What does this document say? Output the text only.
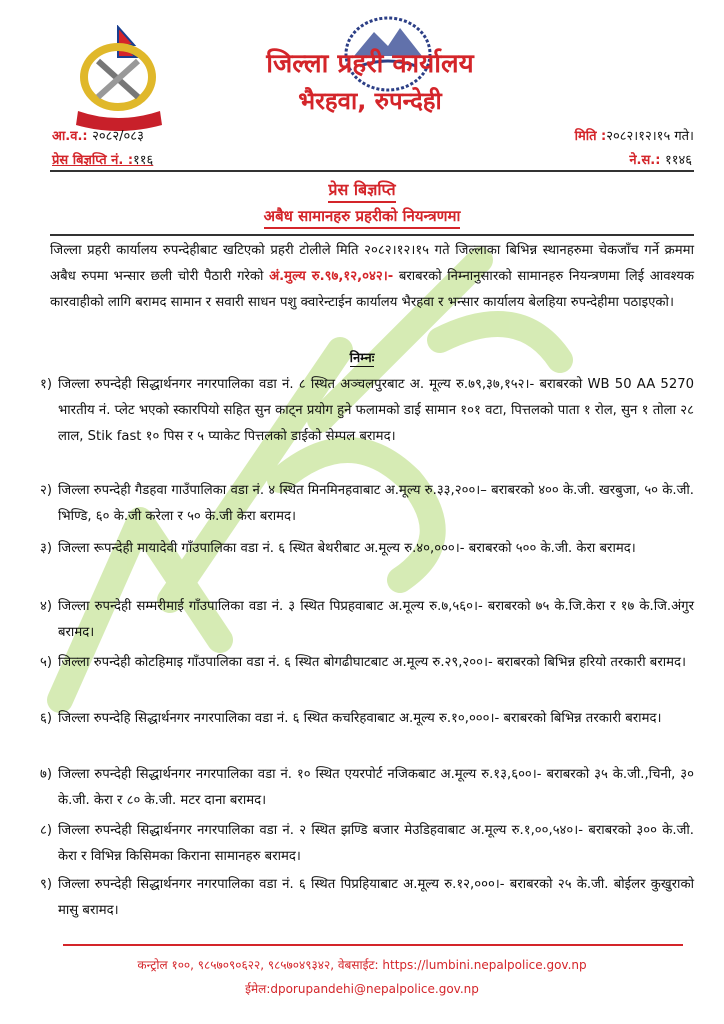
जिल्ला प्रहरी कार्यालय
भैरहवा, रुपन्देही
आ.व.: २०८२/०८३
प्रेस बिज्ञप्ति नं. :११६
मिति :२०८२।१२।१५ गते।
ने.स.: ११४६
प्रेस बिज्ञप्ति
अबैध सामानहरु प्रहरीको नियन्त्रणमा
जिल्ला प्रहरी कार्यालय रुपन्देहीबाट खटिएको प्रहरी टोलीले मिति २०८२।१२।१५ गते जिल्लाका बिभिन्न स्थानहरुमा चेकजाँच गर्ने क्रममा अबैध रुपमा भन्सार छली चोरी पैठारी गरेको अं.मुल्य रु.९७,१२,०४२।- बराबरको निम्नानुसारको सामानहरु नियन्त्रणमा लिई आवश्यक कारवाहीको लागि बरामद सामान र सवारी साधन पशु क्वारेन्टाईन कार्यालय भैरहवा र भन्सार कार्यालय बेलहिया रुपन्देहीमा पठाइएको।
निम्नः
१) जिल्ला रुपन्देही सिद्धार्थनगर नगरपालिका वडा नं. ८ स्थित अञ्चलपुरबाट अ. मूल्य रु.७९,३७,१५२।- बराबरको WB 50 AA 5270 भारतीय नं. प्लेट भएको स्कारपियो सहित सुन काट्न प्रयोग हुने फलामको डाई सामान १०१ वटा, पित्तलको पाता १ रोल, सुन १ तोला २८ लाल, Stik fast १० पिस र ५ प्याकेट पित्तलको डाईको सेम्पल बरामद।
२) जिल्ला रुपन्देही गैडहवा गाउँपालिका वडा नं. ४ स्थित मिनमिनहवाबाट अ.मूल्य रु.३३,२००।– बराबरको ४०० के.जी. खरबुजा, ५० के.जी. भिण्डि, ६० के.जी करेला र ५० के.जी केरा बरामद।
३) जिल्ला रूपन्देही मायादेवी गाँउपालिका वडा नं. ६ स्थित बेथरीबाट अ.मूल्य रु.४०,०००।- बराबरको ५०० के.जी. केरा बरामद।
४) जिल्ला रुपन्देही सम्मरीमाई गाँउपालिका वडा नं. ३ स्थित पिप्रहवाबाट अ.मूल्य रु.७,५६०।- बराबरको ७५ के.जि.केरा र १७ के.जि.अंगुर बरामद।
५) जिल्ला रुपन्देही कोटहिमाइ गाँउपालिका वडा नं. ६ स्थित बोगढीघाटबाट अ.मूल्य रु.२९,२००।- बराबरको बिभिन्न हरियो तरकारी बरामद।
६) जिल्ला रुपन्देहि सिद्धार्थनगर नगरपालिका वडा नं. ६ स्थित कचरिहवाबाट अ.मूल्य रु.१०,०००।- बराबरको बिभिन्न तरकारी बरामद।
७) जिल्ला रुपन्देही सिद्धार्थनगर नगरपालिका वडा नं. १० स्थित एयरपोर्ट नजिकबाट अ.मूल्य रु.१३,६००।- बराबरको ३५ के.जी.,चिनी, ३० के.जी. केरा र ८० के.जी. मटर दाना बरामद।
८) जिल्ला रुपन्देही सिद्धार्थनगर नगरपालिका वडा नं. २ स्थित झण्डि बजार मेउडिहवाबाट अ.मूल्य रु.१,००,५४०।- बराबरको ३०० के.जी. केरा र विभिन्न किसिमका किराना सामानहरु बरामद।
९) जिल्ला रुपन्देही सिद्धार्थनगर नगरपालिका वडा नं. ६ स्थित पिप्रहियाबाट अ.मूल्य रु.१२,०००।- बराबरको २५ के.जी. बोईलर कुखुराको मासु बरामद।
कन्ट्रोल १००, ९८५७०९०६२२, ९८५७०४९३४२, वेबसाईट: https://lumbini.nepalpolice.gov.np
ईमेल:dporupandehi@nepalpolice.gov.np
